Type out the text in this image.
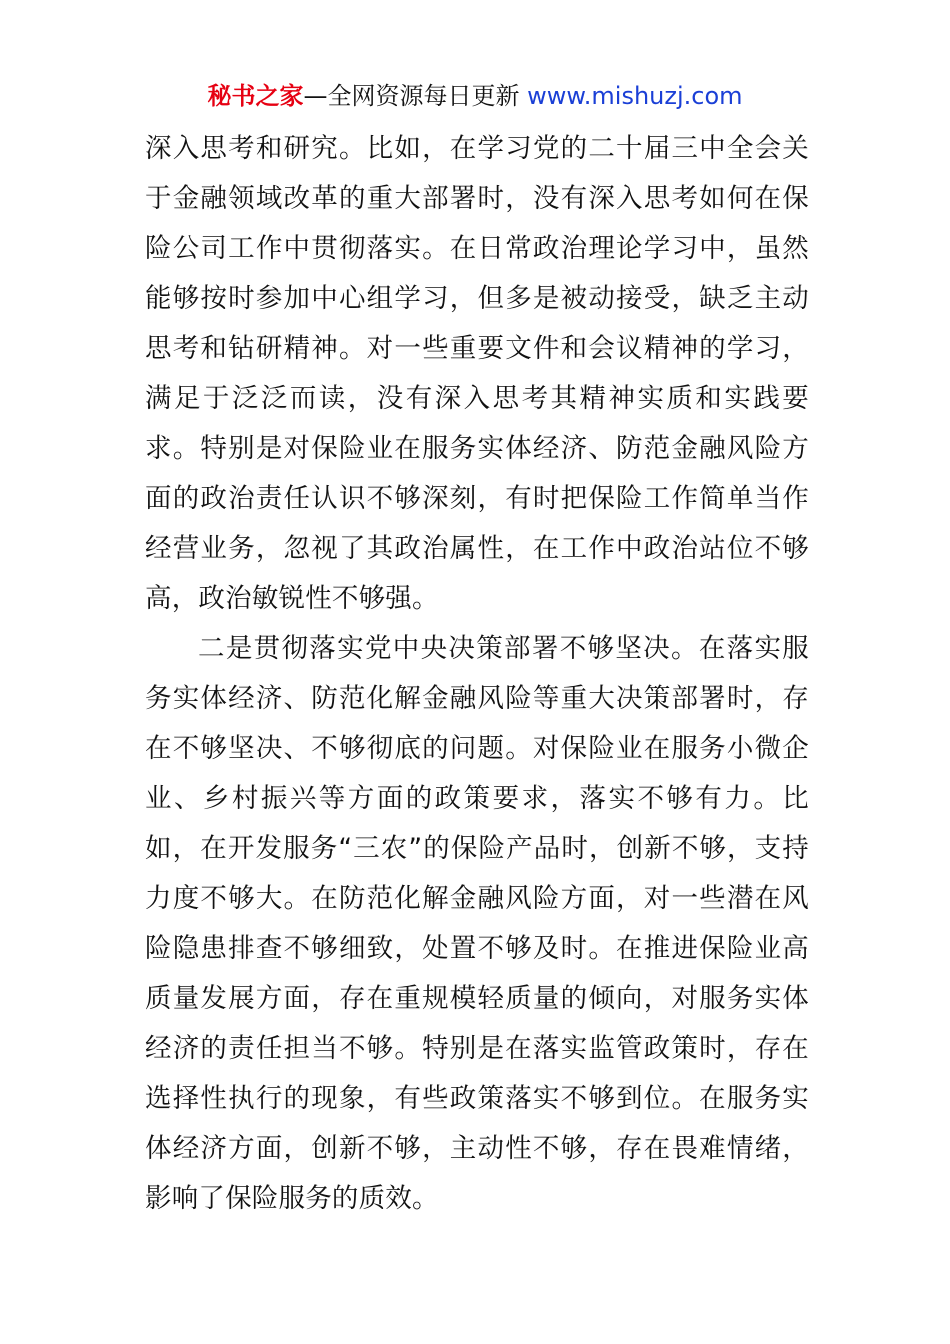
秘书之家—全网资源每日更新 www.mishuzj.com

深入思考和研究。比如，在学习党的二十届三中全会关于金融领域改革的重大部署时，没有深入思考如何在保险公司工作中贯彻落实。在日常政治理论学习中，虽然能够按时参加中心组学习，但多是被动接受，缺乏主动思考和钻研精神。对一些重要文件和会议精神的学习，满足于泛泛而读，没有深入思考其精神实质和实践要求。特别是对保险业在服务实体经济、防范金融风险方面的政治责任认识不够深刻，有时把保险工作简单当作经营业务，忽视了其政治属性，在工作中政治站位不够高，政治敏锐性不够强。

二是贯彻落实党中央决策部署不够坚决。在落实服务实体经济、防范化解金融风险等重大决策部署时，存在不够坚决、不够彻底的问题。对保险业在服务小微企业、乡村振兴等方面的政策要求，落实不够有力。比如，在开发服务“三农”的保险产品时，创新不够，支持力度不够大。在防范化解金融风险方面，对一些潜在风险隐患排查不够细致，处置不够及时。在推进保险业高质量发展方面，存在重规模轻质量的倾向，对服务实体经济的责任担当不够。特别是在落实监管政策时，存在选择性执行的现象，有些政策落实不够到位。在服务实体经济方面，创新不够，主动性不够，存在畏难情绪，影响了保险服务的质效。
